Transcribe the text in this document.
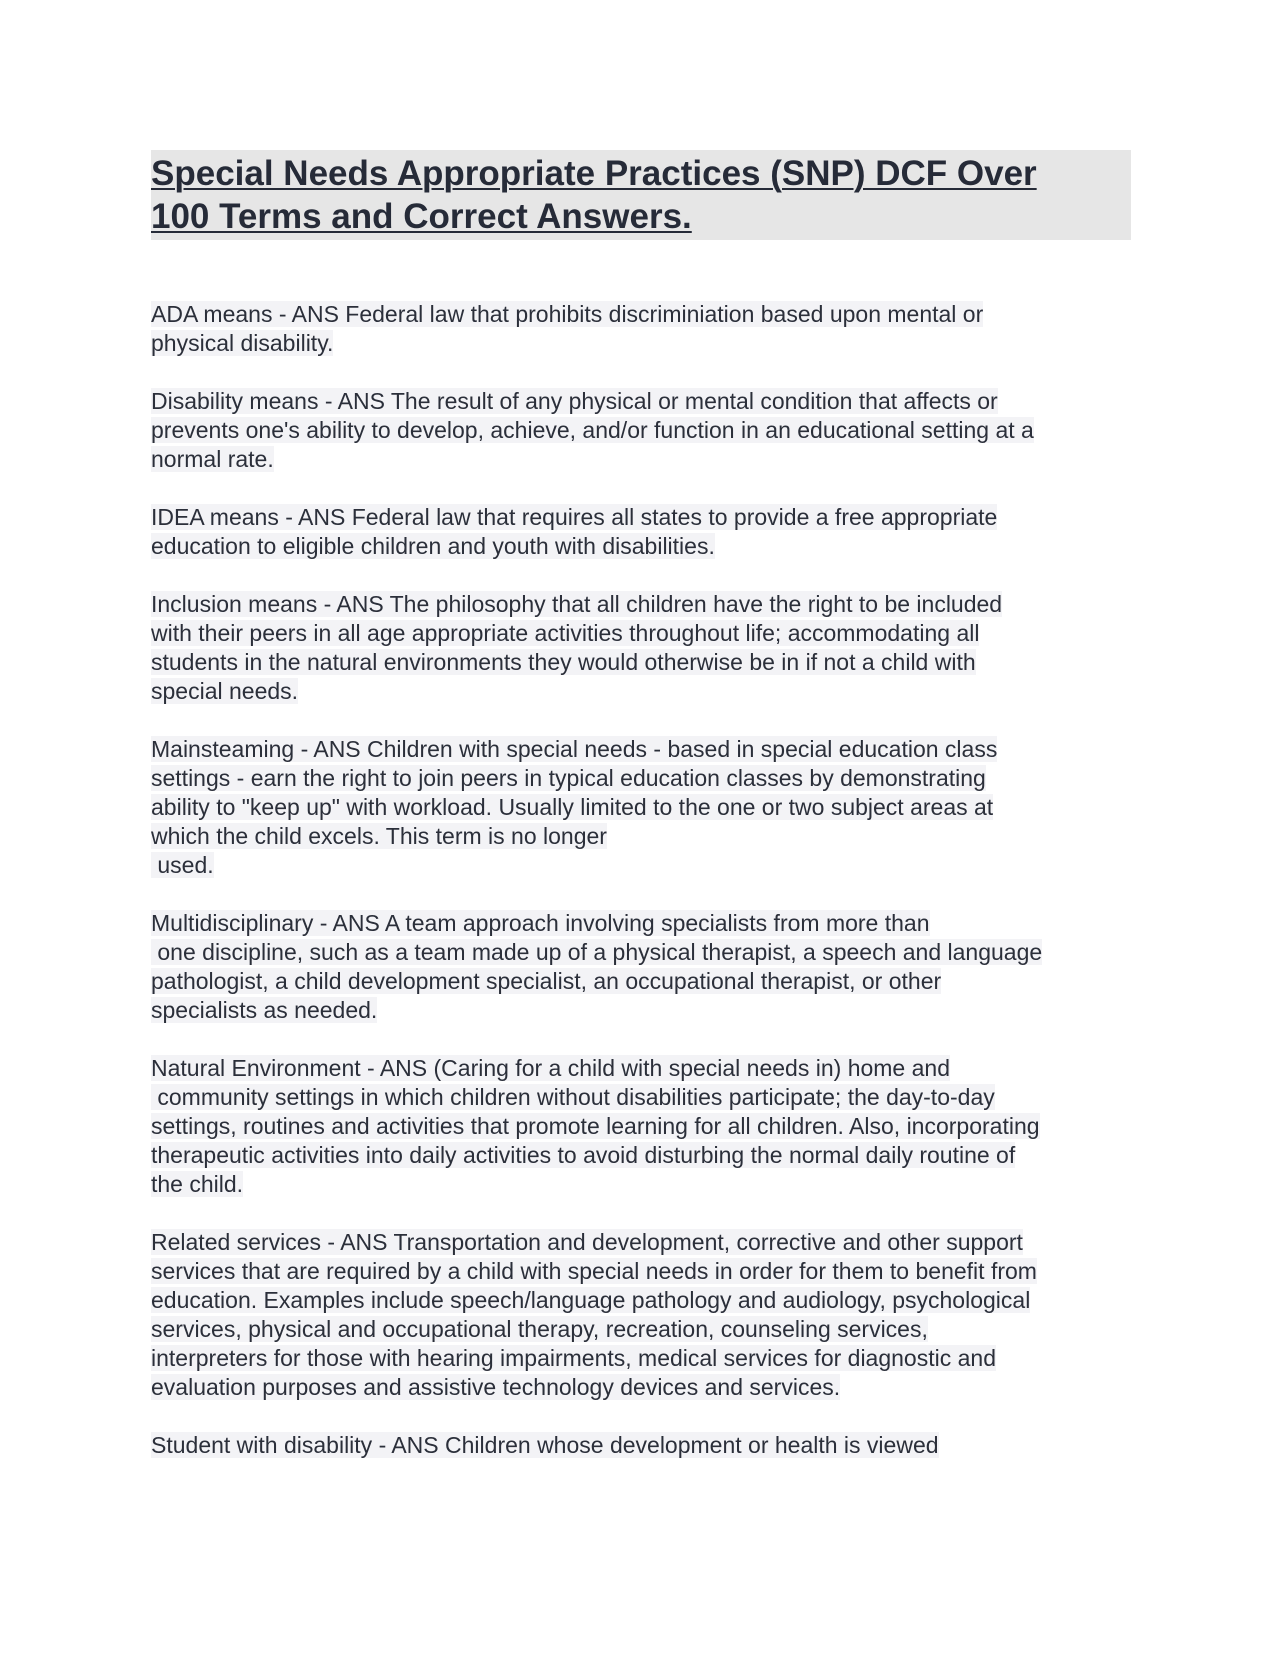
Special Needs Appropriate Practices (SNP) DCF Over
100 Terms and Correct Answers.
ADA means - ANS Federal law that prohibits discriminiation based upon mental or
physical disability.
Disability means - ANS The result of any physical or mental condition that affects or
prevents one's ability to develop, achieve, and/or function in an educational setting at a
normal rate.
IDEA means - ANS Federal law that requires all states to provide a free appropriate
education to eligible children and youth with disabilities.
Inclusion means - ANS The philosophy that all children have the right to be included
with their peers in all age appropriate activities throughout life; accommodating all
students in the natural environments they would otherwise be in if not a child with
special needs.
Mainsteaming - ANS Children with special needs - based in special education class
settings - earn the right to join peers in typical education classes by demonstrating
ability to "keep up" with workload. Usually limited to the one or two subject areas at
which the child excels. This term is no longer
used.
Multidisciplinary - ANS A team approach involving specialists from more than
one discipline, such as a team made up of a physical therapist, a speech and language
pathologist, a child development specialist, an occupational therapist, or other
specialists as needed.
Natural Environment - ANS (Caring for a child with special needs in) home and
community settings in which children without disabilities participate; the day-to-day
settings, routines and activities that promote learning for all children. Also, incorporating
therapeutic activities into daily activities to avoid disturbing the normal daily routine of
the child.
Related services - ANS Transportation and development, corrective and other support
services that are required by a child with special needs in order for them to benefit from
education. Examples include speech/language pathology and audiology, psychological
services, physical and occupational therapy, recreation, counseling services,
interpreters for those with hearing impairments, medical services for diagnostic and
evaluation purposes and assistive technology devices and services.
Student with disability - ANS Children whose development or health is viewed
